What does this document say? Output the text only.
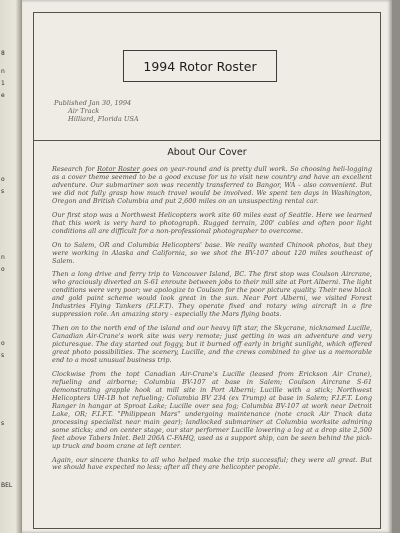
8
n
1
e
o
s
n
o
o
s
s
BEL
1994 Rotor Roster
Published Jan 30, 1994
Air Track
Hilliard, Florida USA
About Our Cover

Research for Rotor Roster goes on year-round and is pretty dull work. So choosing heli-logging as a cover theme seemed to be a good excuse for us to visit new country and have an excellent adventure. Our submariner son was recently transferred to Bangor, WA - also convenient. But we did not fully grasp how much travel would be involved. We spent ten days in Washington, Oregon and British Columbia and put 2,600 miles on an unsuspecting rental car.

Our first stop was a Northwest Helicopters work site 60 miles east of Seattle. Here we learned that this work is very hard to photograph. Rugged terrain, 200' cables and often poor light conditions all are difficult for a non-professional photographer to overcome.

On to Salem, OR and Columbia Helicopters' base. We really wanted Chinook photos, but they were working in Alaska and California, so we shot the BV-107 about 120 miles southeast of Salem.

Then a long drive and ferry trip to Vancouver Island, BC. The first stop was Coulson Aircrane, who graciously diverted an S-61 enroute between jobs to their mill site at Port Alberni. The light conditions were very poor; we apologize to Coulson for the poor picture quality. Their new black and gold paint scheme would look great in the sun. Near Port Alberni, we visited Forest Industries Flying Tankers (F.I.F.T). They operate fixed and rotary wing aircraft in a fire suppression role. An amazing story - especially the Mars flying boats.

Then on to the north end of the island and our heavy lift star, the Skycrane, nicknamed Lucille, Canadian Air-Crane's work site was very remote; just getting in was an adventure and very picturesque. The day started out foggy, but it burned off early in bright sunlight, which offered great photo possibilities. The scenery, Lucille, and the crews combined to give us a memorable end to a most unusual business trip.

Clockwise from the topt Canadian Air-Crane's Lucille (leased from Erickson Air Crane), refueling and airborne; Columbia BV-107 at base in Salem; Coulson Aircrane S-61 demonstrating grapple hook at mill site in Port Alberni; Lucille with a stick; Northwest Helicopters UH-1B hot refueling; Columbia BV 234 (ex Trump) at base in Salem; F.I.F.T. Long Ranger in hangar at Sproat Lake; Lucille over sea fog; Columbia BV-107 at work near Detroit Lake, OR; F.I.F.T. "Philippean Mars" undergoing maintenance (note crack Air Track data processing specialist near main gear); landlocked submariner at Columbia worksite admiring some sticks; and on center stage, our star performer Lucille lowering a log at a drop site 2,500 feet above Tabers Inlet. Bell 206A C-FAHQ, used as a support ship, can be seen behind the pick-up truck and boom crane at left center.

Again, our sincere thanks to all who helped make the trip successful; they were all great. But we should have expected no less; after all they are helicopter people.
